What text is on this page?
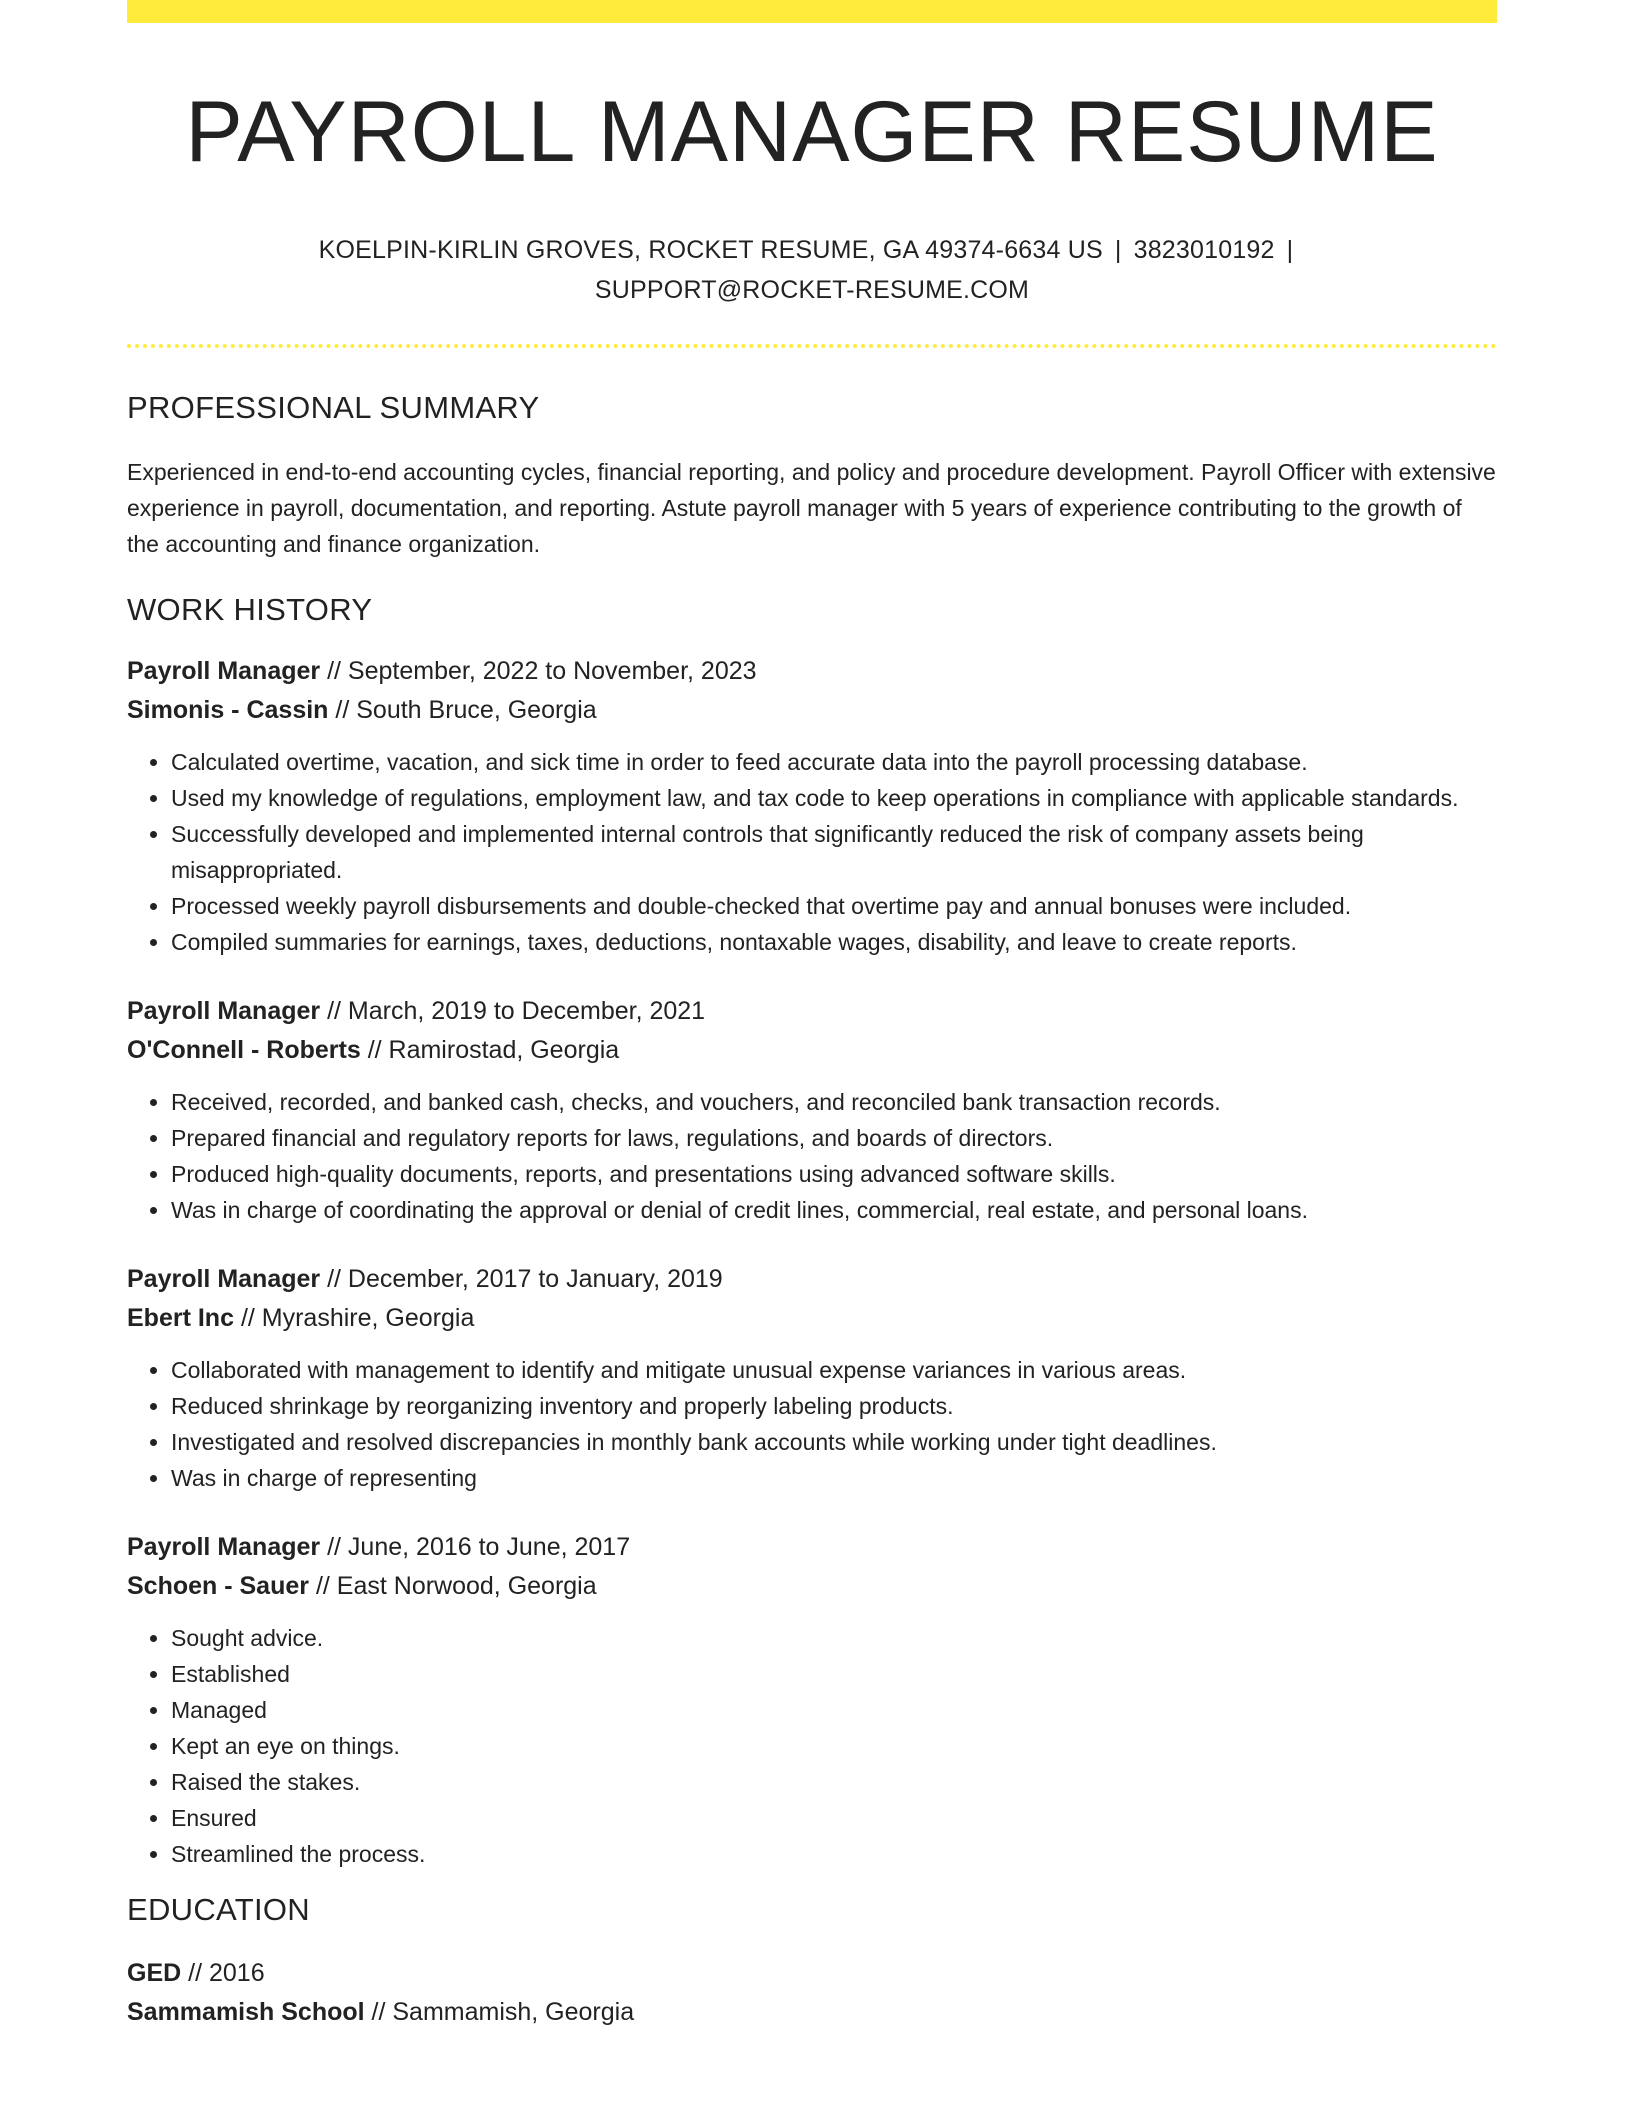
PAYROLL MANAGER RESUME
KOELPIN-KIRLIN GROVES, ROCKET RESUME, GA 49374-6634 US | 3823010192 |
SUPPORT@ROCKET-RESUME.COM
PROFESSIONAL SUMMARY
Experienced in end-to-end accounting cycles, financial reporting, and policy and procedure development. Payroll Officer with extensive experience in payroll, documentation, and reporting. Astute payroll manager with 5 years of experience contributing to the growth of the accounting and finance organization.
WORK HISTORY
Payroll Manager // September, 2022 to November, 2023
Simonis - Cassin // South Bruce, Georgia
• Calculated overtime, vacation, and sick time in order to feed accurate data into the payroll processing database.
• Used my knowledge of regulations, employment law, and tax code to keep operations in compliance with applicable standards.
• Successfully developed and implemented internal controls that significantly reduced the risk of company assets being misappropriated.
• Processed weekly payroll disbursements and double-checked that overtime pay and annual bonuses were included.
• Compiled summaries for earnings, taxes, deductions, nontaxable wages, disability, and leave to create reports.
Payroll Manager // March, 2019 to December, 2021
O'Connell - Roberts // Ramirostad, Georgia
• Received, recorded, and banked cash, checks, and vouchers, and reconciled bank transaction records.
• Prepared financial and regulatory reports for laws, regulations, and boards of directors.
• Produced high-quality documents, reports, and presentations using advanced software skills.
• Was in charge of coordinating the approval or denial of credit lines, commercial, real estate, and personal loans.
Payroll Manager // December, 2017 to January, 2019
Ebert Inc // Myrashire, Georgia
• Collaborated with management to identify and mitigate unusual expense variances in various areas.
• Reduced shrinkage by reorganizing inventory and properly labeling products.
• Investigated and resolved discrepancies in monthly bank accounts while working under tight deadlines.
• Was in charge of representing
Payroll Manager // June, 2016 to June, 2017
Schoen - Sauer // East Norwood, Georgia
• Sought advice.
• Established
• Managed
• Kept an eye on things.
• Raised the stakes.
• Ensured
• Streamlined the process.
EDUCATION
GED // 2016
Sammamish School // Sammamish, Georgia
